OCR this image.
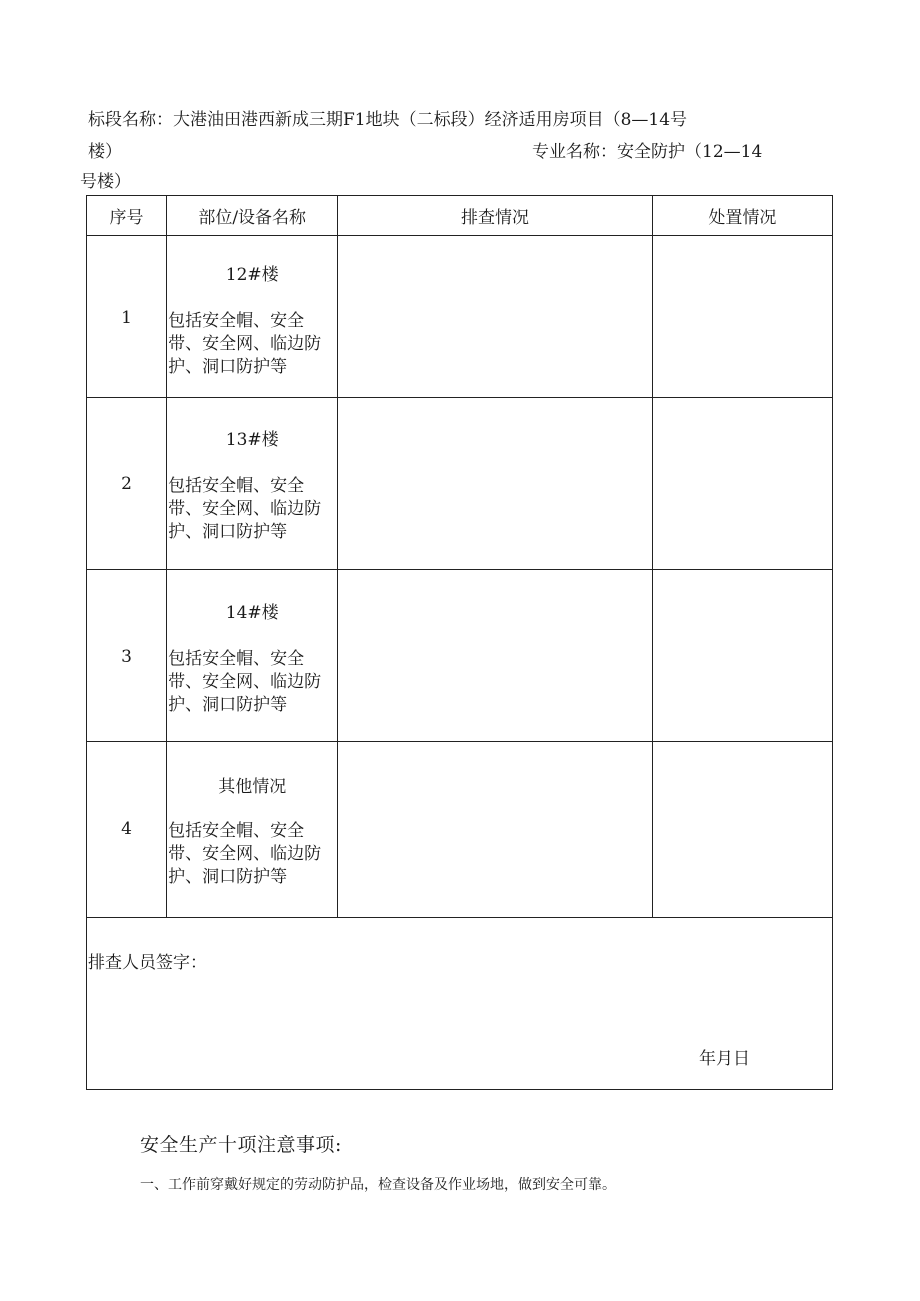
标段名称：大港油田港西新成三期F1地块（二标段）经济适用房项目（8—14号
楼）	专业名称：安全防护（12—14
号楼）
序号	部位/设备名称	排查情况	处置情况

1	12#楼
包括安全帽、安全带、安全网、临边防护、洞口防护等		

2	13#楼
包括安全帽、安全带、安全网、临边防护、洞口防护等		

3	14#楼
包括安全帽、安全带、安全网、临边防护、洞口防护等		

4	其他情况
包括安全帽、安全带、安全网、临边防护、洞口防护等		

排查人员签字：
年月日			
安全生产十项注意事项:
一、工作前穿戴好规定的劳动防护品，检查设备及作业场地，做到安全可靠。
